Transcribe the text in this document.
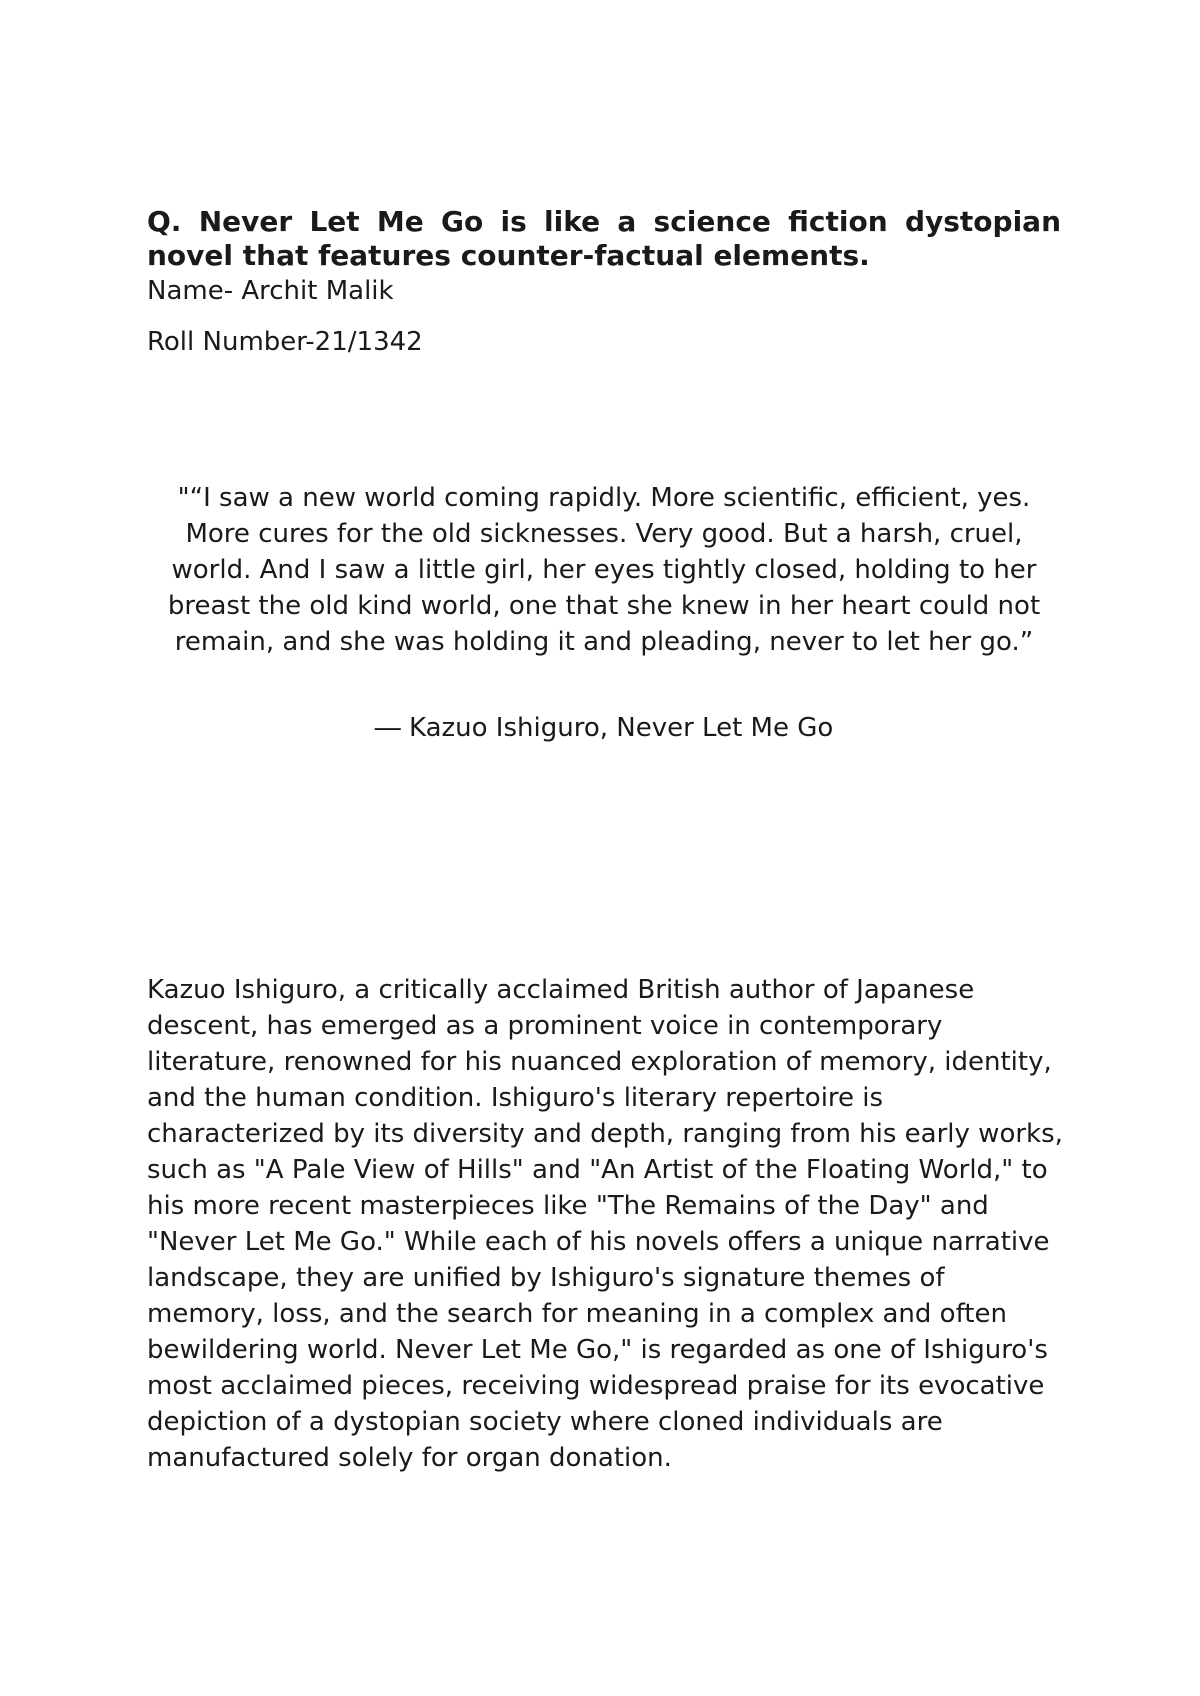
Q. Never Let Me Go is like a science fiction dystopian novel that features counter-factual elements.

Name- Archit Malik

Roll Number-21/1342

"“I saw a new world coming rapidly. More scientific, efficient, yes. More cures for the old sicknesses. Very good. But a harsh, cruel, world. And I saw a little girl, her eyes tightly closed, holding to her breast the old kind world, one that she knew in her heart could not remain, and she was holding it and pleading, never to let her go.”

― Kazuo Ishiguro, Never Let Me Go

Kazuo Ishiguro, a critically acclaimed British author of Japanese descent, has emerged as a prominent voice in contemporary literature, renowned for his nuanced exploration of memory, identity, and the human condition. Ishiguro's literary repertoire is characterized by its diversity and depth, ranging from his early works, such as "A Pale View of Hills" and "An Artist of the Floating World," to his more recent masterpieces like "The Remains of the Day" and "Never Let Me Go." While each of his novels offers a unique narrative landscape, they are unified by Ishiguro's signature themes of memory, loss, and the search for meaning in a complex and often bewildering world. Never Let Me Go," is regarded as one of Ishiguro's most acclaimed pieces, receiving widespread praise for its evocative depiction of a dystopian society where cloned individuals are manufactured solely for organ donation.
